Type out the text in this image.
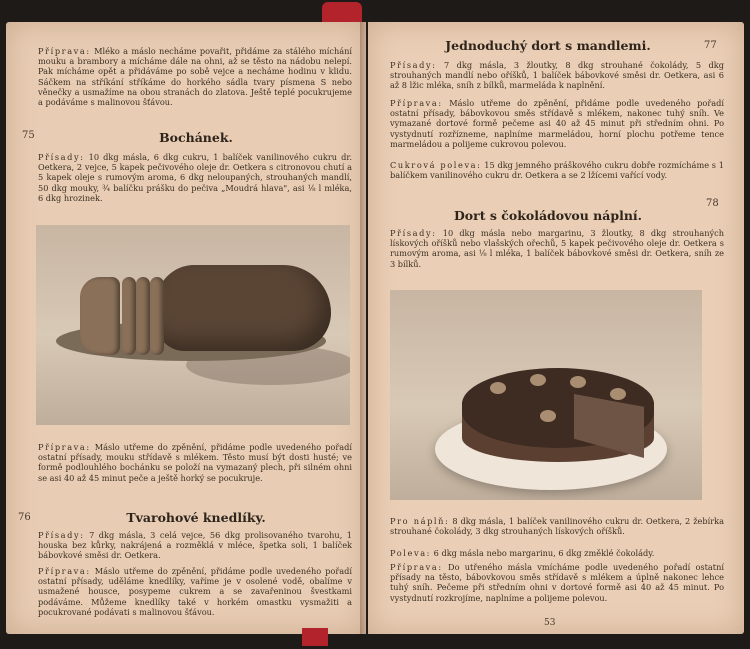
Příprava: Mléko a máslo necháme povařit, přidáme za stálého míchání mouku a brambory a mícháme dále na ohni, až se těsto na nádobu nelepí. Pak mícháme opět a přidáváme po sobě vejce a necháme hodinu v klidu. Sáčkem na stříkání stříkáme do horkého sádla tvary písmena S nebo věnečky a usmažíme na obou stranách do zlatova. Ještě teplé pocukrujeme a podáváme s malinovou šťávou.
75	Bochánek.
Přísady: 10 dkg másla, 6 dkg cukru, 1 balíček vanilinového cukru dr. Oetkera, 2 vejce, 5 kapek pečivového oleje dr. Oetkera s citronovou chutí a 5 kapek oleje s rumovým aroma, 6 dkg neloupaných, strouhaných mandlí, 50 dkg mouky, ¾ balíčku prášku do pečiva „Moudrá hlava", asi ⅛ l mléka, 6 dkg hrozinek.
Příprava: Máslo utřeme do zpěnění, přidáme podle uvedeného pořadí ostatní přísady, mouku střídavě s mlékem. Těsto musí být dosti husté; ve formě podlouhlého bochánku se položí na vymazaný plech, při silném ohni se asi 40 až 45 minut peče a ještě horký se pocukruje.
76	Tvarohové knedlíky.
Přísady: 7 dkg másla, 3 celá vejce, 56 dkg prolisovaného tvarohu, 1 houska bez kůrky, nakrájená a rozměklá v mléce, špetka soli, 1 balíček bábovkové směsi dr. Oetkera.
Příprava: Máslo utřeme do zpěnění, přidáme podle uvedeného pořadí ostatní přísady, uděláme knedlíky, vaříme je v osolené vodě, obalíme v usmažené housce, posypeme cukrem a se zavařeninou švestkami podáváme. Můžeme knedlíky také v horkém omastku vysmažiti a pocukrované podávati s malinovou šťávou.
77
Jednoduchý dort s mandlemi.
Přísady: 7 dkg másla, 3 žloutky, 8 dkg strouhané čokolády, 5 dkg strouhaných mandlí nebo oříšků, 1 balíček bábovkové směsi dr. Oetkera, asi 6 až 8 lžic mléka, sníh z bílků, marmeláda k naplnění.
Příprava: Máslo utřeme do zpěnění, přidáme podle uvedeného pořadí ostatní přísady, bábovkovou směs střídavě s mlékem, nakonec tuhý sníh. Ve vymazané dortové formě pečeme asi 40 až 45 minut při středním ohni. Po vystydnutí rozřízneme, naplníme marmeládou, horní plochu potřeme tence marmeládou a polijeme cukrovou polevou.
Cukrová poleva: 15 dkg jemného práškového cukru dobře rozmícháme s 1 balíčkem vanilinového cukru dr. Oetkera a se 2 lžícemi vařící vody.
78
Dort s čokoládovou náplní.
Přísady: 10 dkg másla nebo margarinu, 3 žloutky, 8 dkg strouhaných lískových oříšků nebo vlašských ořechů, 5 kapek pečivového oleje dr. Oetkera s rumovým aroma, asi ⅛ l mléka, 1 balíček bábovkové směsi dr. Oetkera, sníh ze 3 bílků.
Pro náplň: 8 dkg másla, 1 balíček vanilinového cukru dr. Oetkera, 2 žebírka strouhané čokolády, 3 dkg strouhaných lískových oříšků.
Poleva: 6 dkg másla nebo margarinu, 6 dkg změklé čokolády.
Příprava: Do utřeného másla vmícháme podle uvedeného pořadí ostatní přísady na těsto, bábovkovou směs střídavě s mlékem a úplně nakonec lehce tuhý sníh. Pečeme při středním ohni v dortové formě asi 40 až 45 minut. Po vystydnutí rozkrojíme, naplníme a polijeme polevou.
53
